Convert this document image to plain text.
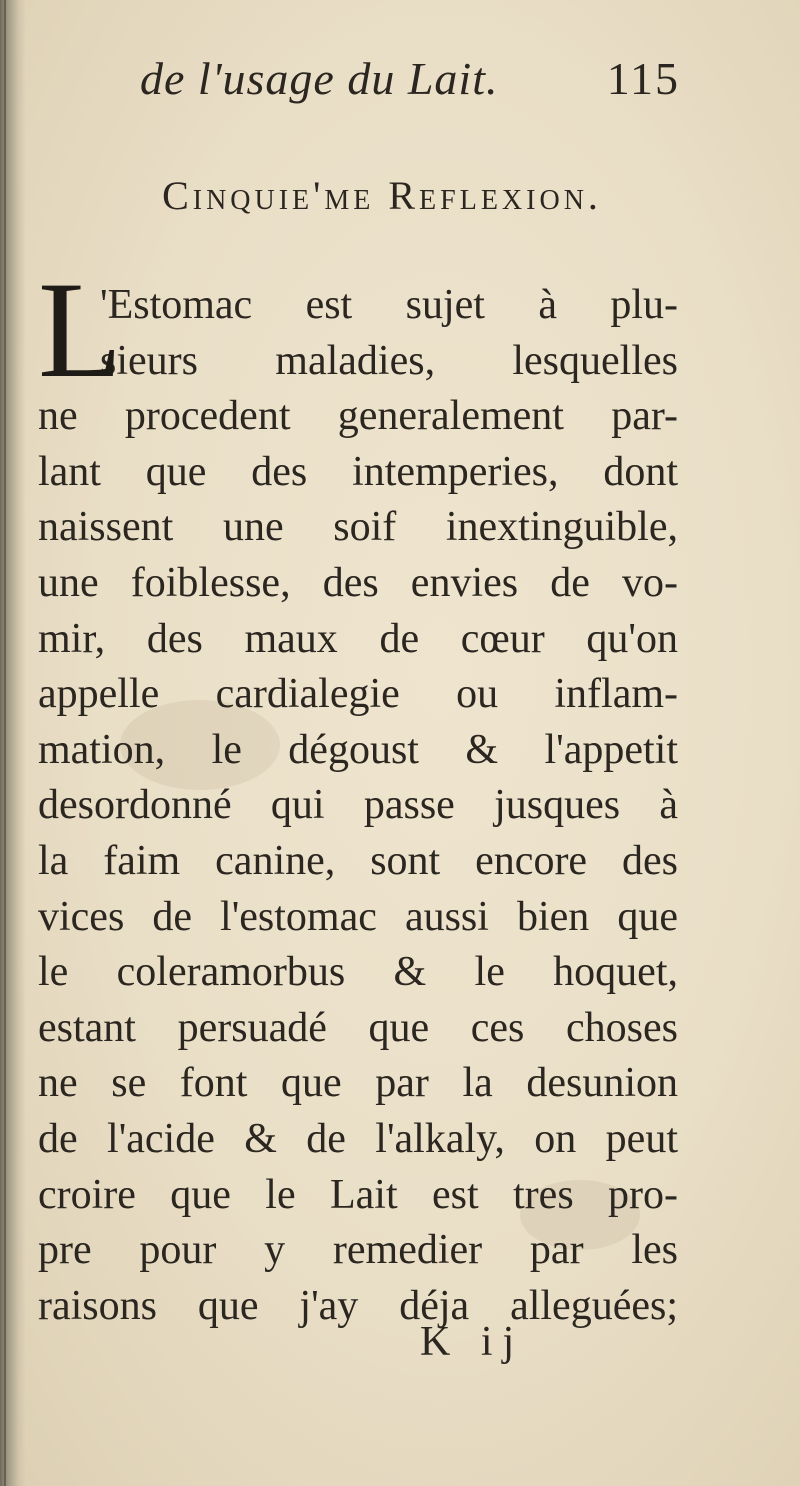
de l'usage du Lait. 115
Cinquie'me Reflexion.
L
'Estomac est sujet à plu-
sieurs maladies, lesquelles
ne procedent generalement par-
lant que des intemperies, dont
naissent une soif inextinguible,
une foiblesse, des envies de vo-
mir, des maux de cœur qu'on
appelle cardialegie ou inflam-
mation, le dégoust & l'appetit
desordonné qui passe jusques à
la faim canine, sont encore des
vices de l'estomac aussi bien que
le coleramorbus & le hoquet,
estant persuadé que ces choses
ne se font que par la desunion
de l'acide & de l'alkaly, on peut
croire que le Lait est tres pro-
pre pour y remedier par les
raisons que j'ay déja alleguées;
K ij
